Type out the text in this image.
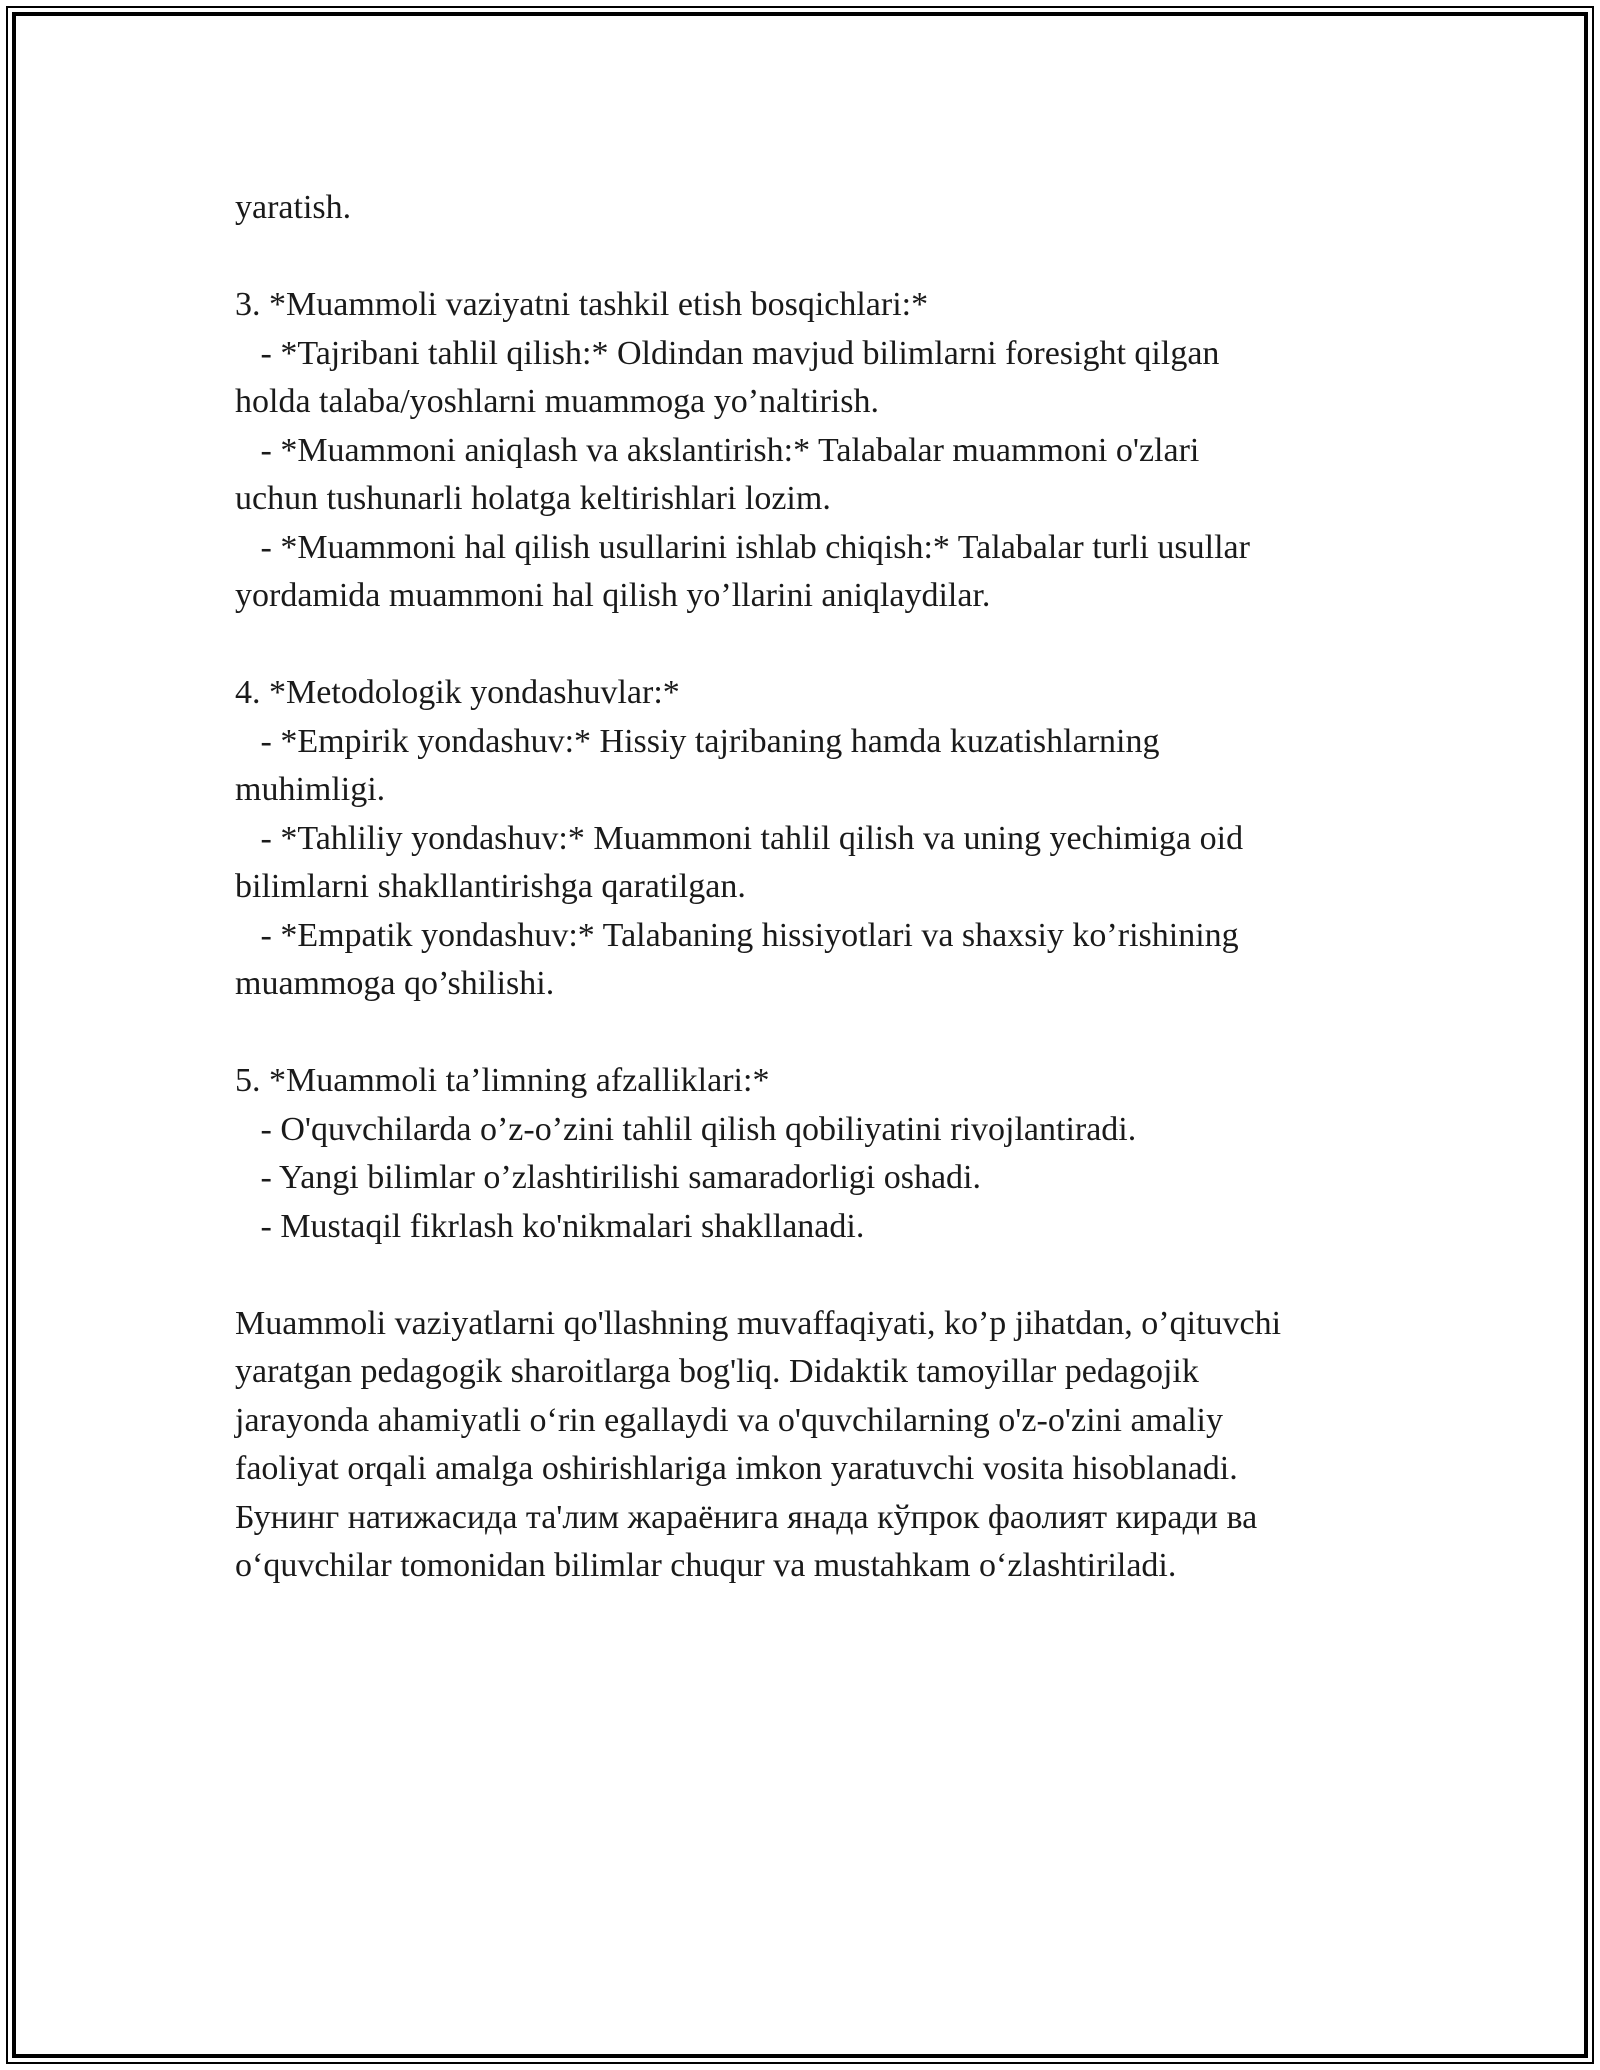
yaratish.
3. *Muammoli vaziyatni tashkil etish bosqichlari:*
- *Tajribani tahlil qilish:* Oldindan mavjud bilimlarni foresight qilgan
holda talaba/yoshlarni muammoga yo’naltirish.
- *Muammoni aniqlash va akslantirish:* Talabalar muammoni o'zlari
uchun tushunarli holatga keltirishlari lozim.
- *Muammoni hal qilish usullarini ishlab chiqish:* Talabalar turli usullar
yordamida muammoni hal qilish yo’llarini aniqlaydilar.
4. *Metodologik yondashuvlar:*
- *Empirik yondashuv:* Hissiy tajribaning hamda kuzatishlarning
muhimligi.
- *Tahliliy yondashuv:* Muammoni tahlil qilish va uning yechimiga oid
bilimlarni shakllantirishga qaratilgan.
- *Empatik yondashuv:* Talabaning hissiyotlari va shaxsiy ko’rishining
muammoga qo’shilishi.
5. *Muammoli ta’limning afzalliklari:*
- O'quvchilarda o’z-o’zini tahlil qilish qobiliyatini rivojlantiradi.
- Yangi bilimlar o’zlashtirilishi samaradorligi oshadi.
- Mustaqil fikrlash ko'nikmalari shakllanadi.
Muammoli vaziyatlarni qo'llashning muvaffaqiyati, ko’p jihatdan, o’qituvchi
yaratgan pedagogik sharoitlarga bog'liq. Didaktik tamoyillar pedagojik
jarayonda ahamiyatli o‘rin egallaydi va o'quvchilarning o'z-o'zini amaliy
faoliyat orqali amalga oshirishlariga imkon yaratuvchi vosita hisoblanadi.
Бунинг натижасида та'лим жараёнига янада кўпрок фаолият киради ва
o‘quvchilar tomonidan bilimlar chuqur va mustahkam o‘zlashtiriladi.
